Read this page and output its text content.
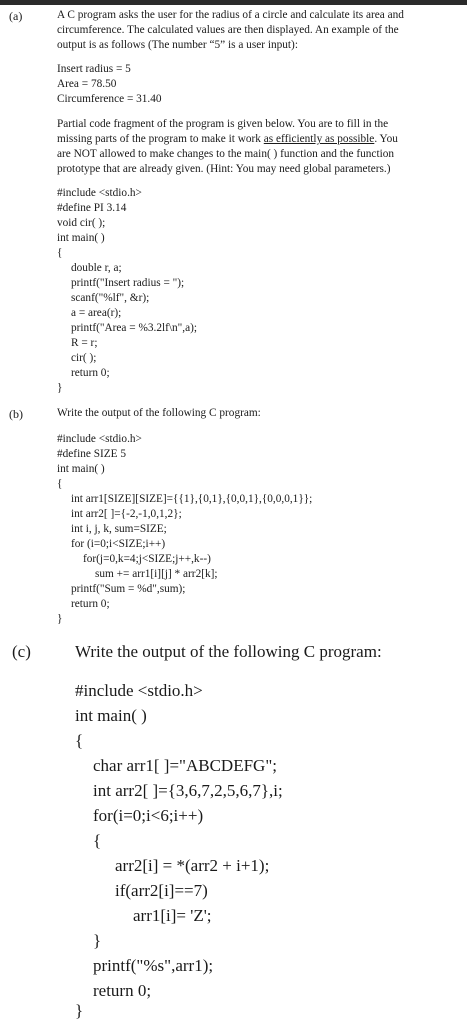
(a)	A C program asks the user for the radius of a circle and calculate its area and
circumference. The calculated values are then displayed. An example of the
output is as follows (The number “5” is a user input):
Insert radius = 5
Area = 78.50
Circumference = 31.40
Partial code fragment of the program is given below. You are to fill in the
missing parts of the program to make it work as efficiently as possible. You
are NOT allowed to make changes to the main( ) function and the function
prototype that are already given. (Hint: You may need global parameters.)
#include <stdio.h>
#define PI 3.14
void cir( );
int main( )
{
double r, a;
printf("Insert radius = ");
scanf("%lf", &r);
a = area(r);
printf("Area = %3.2lf\n",a);
R = r;
cir( );
return 0;
}
(b)	Write the output of the following C program:
#include <stdio.h>
#define SIZE 5
int main( )
{
int arr1[SIZE][SIZE]={{1},{0,1},{0,0,1},{0,0,0,1}};
int arr2[ ]={-2,-1,0,1,2};
int i, j, k, sum=SIZE;
for (i=0;i<SIZE;i++)
for(j=0,k=4;j<SIZE;j++,k--)
sum += arr1[i][j] * arr2[k];
printf("Sum = %d",sum);
return 0;
}
(c)	Write the output of the following C program:
#include <stdio.h>
int main( )
{
char arr1[ ]="ABCDEFG";
int arr2[ ]={3,6,7,2,5,6,7},i;
for(i=0;i<6;i++)
{
arr2[i] = *(arr2 + i+1);
if(arr2[i]==7)
arr1[i]= 'Z';
}
printf("%s",arr1);
return 0;
}
